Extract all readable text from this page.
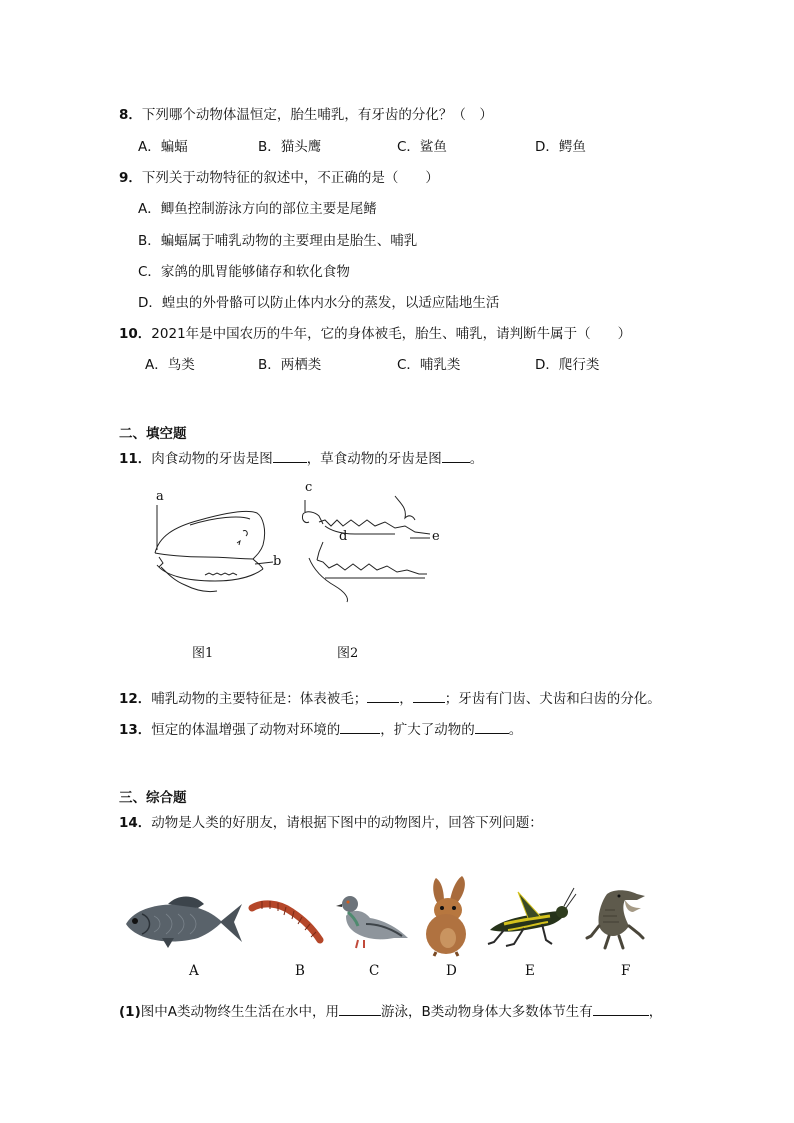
8．下列哪个动物体温恒定，胎生哺乳，有牙齿的分化？（　）
A．蝙蝠	B．猫头鹰	C．鲨鱼	D．鳄鱼
9．下列关于动物特征的叙述中，不正确的是（　　）
A．鲫鱼控制游泳方向的部位主要是尾鳍
B．蝙蝠属于哺乳动物的主要理由是胎生、哺乳
C．家鸽的肌胃能够储存和软化食物
D．蝗虫的外骨骼可以防止体内水分的蒸发，以适应陆地生活
10．2021年是中国农历的牛年，它的身体被毛，胎生、哺乳，请判断牛属于（　　）
A．鸟类	B．两栖类	C．哺乳类	D．爬行类
二、填空题
11．肉食动物的牙齿是图	，草食动物的牙齿是图 。
a
b
c
d	e
图1	图2
12．哺乳动物的主要特征是：体表被毛； ， ；牙齿有门齿、犬齿和臼齿的分化。
13．恒定的体温增强了动物对环境的	，扩大了动物的	。
三、综合题
14．动物是人类的好朋友，请根据下图中的动物图片，回答下列问题：
A	B	C	D	E	F
(1)图中A类动物终生生活在水中，用	游泳，B类动物身体大多数体节生有	，
